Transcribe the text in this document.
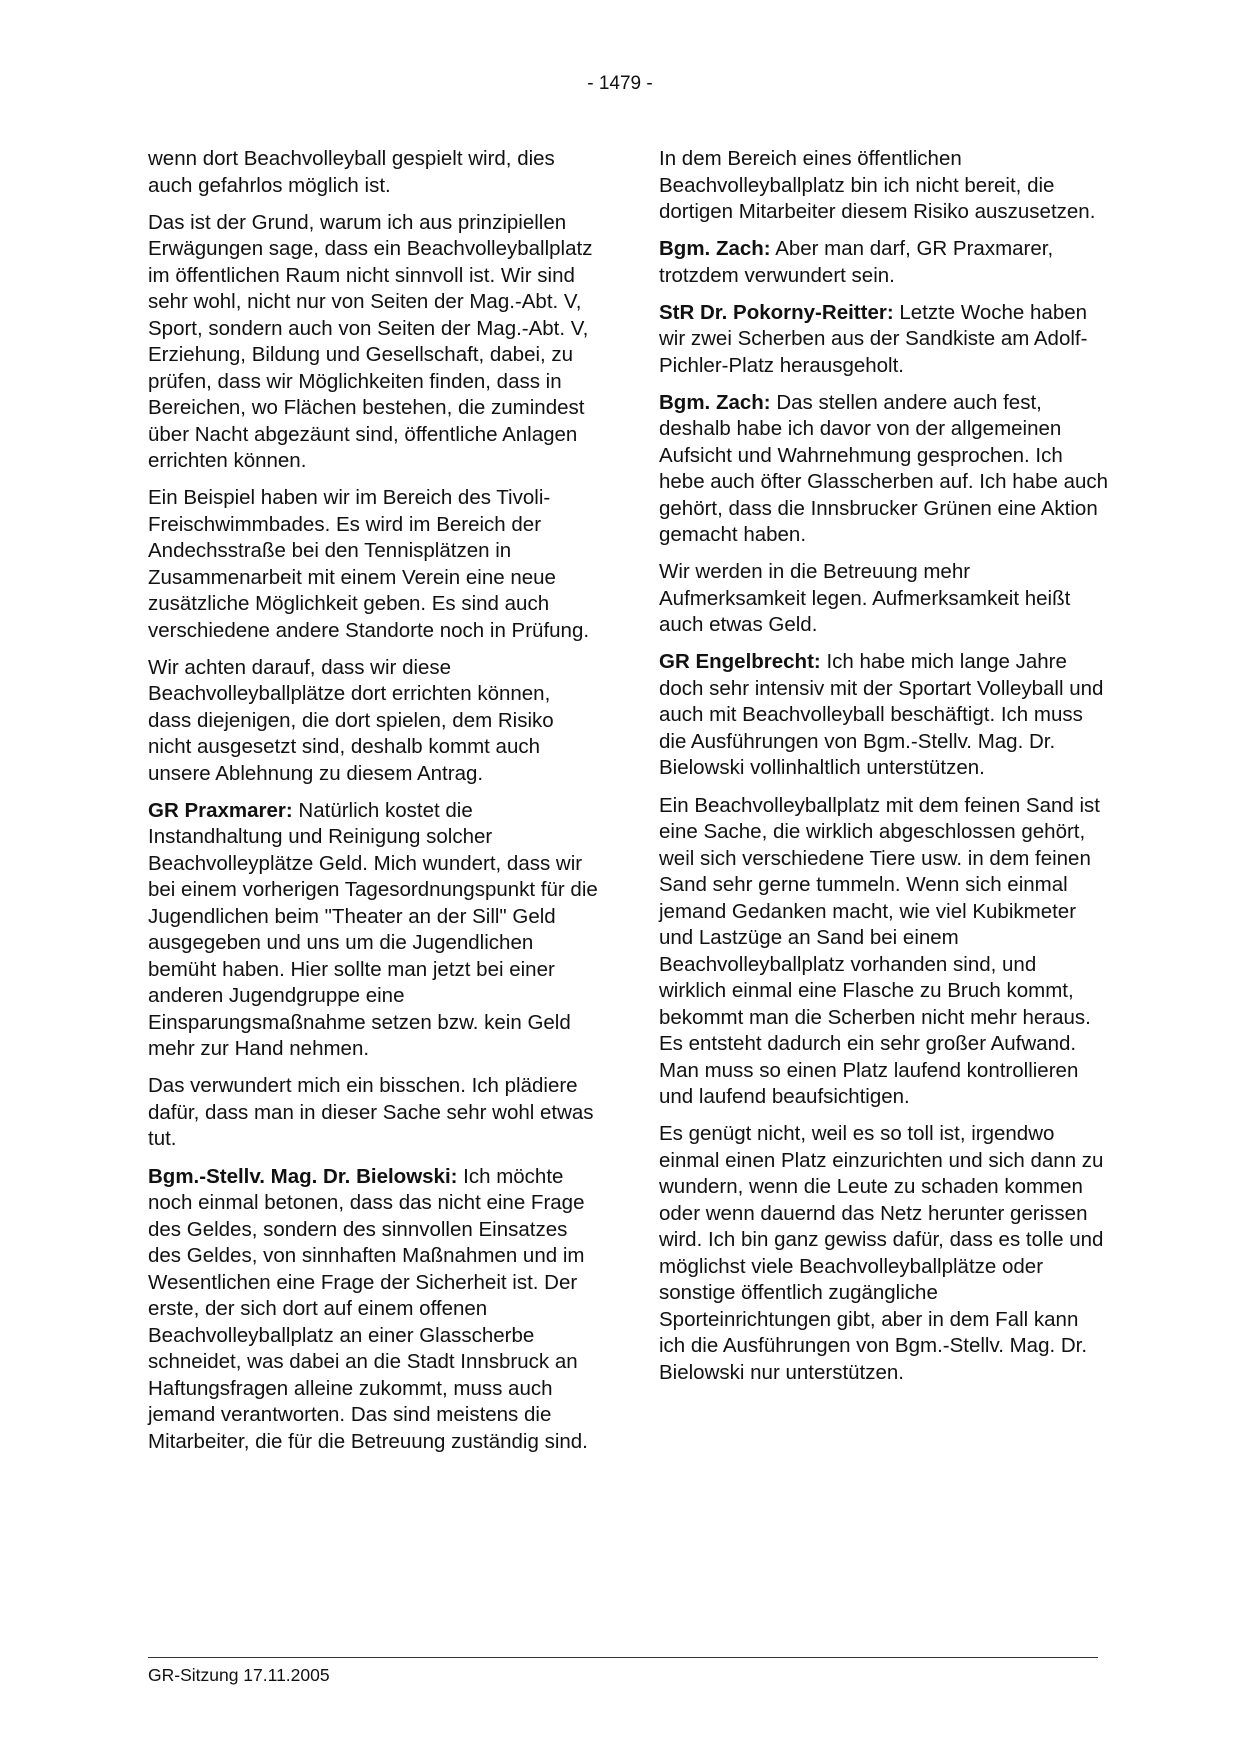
- 1479 -

wenn dort Beachvolleyball gespielt wird, dies auch gefahrlos möglich ist.

Das ist der Grund, warum ich aus prinzipiellen Erwägungen sage, dass ein Beachvolleyballplatz im öffentlichen Raum nicht sinnvoll ist. Wir sind sehr wohl, nicht nur von Seiten der Mag.-Abt. V, Sport, sondern auch von Seiten der Mag.-Abt. V, Erziehung, Bildung und Gesellschaft, dabei, zu prüfen, dass wir Möglichkeiten finden, dass in Bereichen, wo Flächen bestehen, die zumindest über Nacht abgezäunt sind, öffentliche Anlagen errichten können.

Ein Beispiel haben wir im Bereich des Tivoli-Freischwimmbades. Es wird im Bereich der Andechsstraße bei den Tennisplätzen in Zusammenarbeit mit einem Verein eine neue zusätzliche Möglichkeit geben. Es sind auch verschiedene andere Standorte noch in Prüfung.

Wir achten darauf, dass wir diese Beachvolleyballplätze dort errichten können, dass diejenigen, die dort spielen, dem Risiko nicht ausgesetzt sind, deshalb kommt auch unsere Ablehnung zu diesem Antrag.

GR Praxmarer: Natürlich kostet die Instandhaltung und Reinigung solcher Beachvolleyplätze Geld. Mich wundert, dass wir bei einem vorherigen Tagesordnungspunkt für die Jugendlichen beim "Theater an der Sill" Geld ausgegeben und uns um die Jugendlichen bemüht haben. Hier sollte man jetzt bei einer anderen Jugendgruppe eine Einsparungsmaßnahme setzen bzw. kein Geld mehr zur Hand nehmen.

Das verwundert mich ein bisschen. Ich plädiere dafür, dass man in dieser Sache sehr wohl etwas tut.

Bgm.-Stellv. Mag. Dr. Bielowski: Ich möchte noch einmal betonen, dass das nicht eine Frage des Geldes, sondern des sinnvollen Einsatzes des Geldes, von sinnhaften Maßnahmen und im Wesentlichen eine Frage der Sicherheit ist. Der erste, der sich dort auf einem offenen Beachvolleyballplatz an einer Glasscherbe schneidet, was dabei an die Stadt Innsbruck an Haftungsfragen alleine zukommt, muss auch jemand verantworten. Das sind meistens die Mitarbeiter, die für die Betreuung zuständig sind.

In dem Bereich eines öffentlichen Beachvolleyballplatz bin ich nicht bereit, die dortigen Mitarbeiter diesem Risiko auszusetzen.

Bgm. Zach: Aber man darf, GR Praxmarer, trotzdem verwundert sein.

StR Dr. Pokorny-Reitter: Letzte Woche haben wir zwei Scherben aus der Sandkiste am Adolf-Pichler-Platz herausgeholt.

Bgm. Zach: Das stellen andere auch fest, deshalb habe ich davor von der allgemeinen Aufsicht und Wahrnehmung gesprochen. Ich hebe auch öfter Glasscherben auf. Ich habe auch gehört, dass die Innsbrucker Grünen eine Aktion gemacht haben.

Wir werden in die Betreuung mehr Aufmerksamkeit legen. Aufmerksamkeit heißt auch etwas Geld.

GR Engelbrecht: Ich habe mich lange Jahre doch sehr intensiv mit der Sportart Volleyball und auch mit Beachvolleyball beschäftigt. Ich muss die Ausführungen von Bgm.-Stellv. Mag. Dr. Bielowski vollinhaltlich unterstützen.

Ein Beachvolleyballplatz mit dem feinen Sand ist eine Sache, die wirklich abgeschlossen gehört, weil sich verschiedene Tiere usw. in dem feinen Sand sehr gerne tummeln. Wenn sich einmal jemand Gedanken macht, wie viel Kubikmeter und Lastzüge an Sand bei einem Beachvolleyballplatz vorhanden sind, und wirklich einmal eine Flasche zu Bruch kommt, bekommt man die Scherben nicht mehr heraus. Es entsteht dadurch ein sehr großer Aufwand. Man muss so einen Platz laufend kontrollieren und laufend beaufsichtigen.

Es genügt nicht, weil es so toll ist, irgendwo einmal einen Platz einzurichten und sich dann zu wundern, wenn die Leute zu schaden kommen oder wenn dauernd das Netz herunter gerissen wird. Ich bin ganz gewiss dafür, dass es tolle und möglichst viele Beachvolleyballplätze oder sonstige öffentlich zugängliche Sporteinrichtungen gibt, aber in dem Fall kann ich die Ausführungen von Bgm.-Stellv. Mag. Dr. Bielowski nur unterstützen.

GR-Sitzung 17.11.2005
